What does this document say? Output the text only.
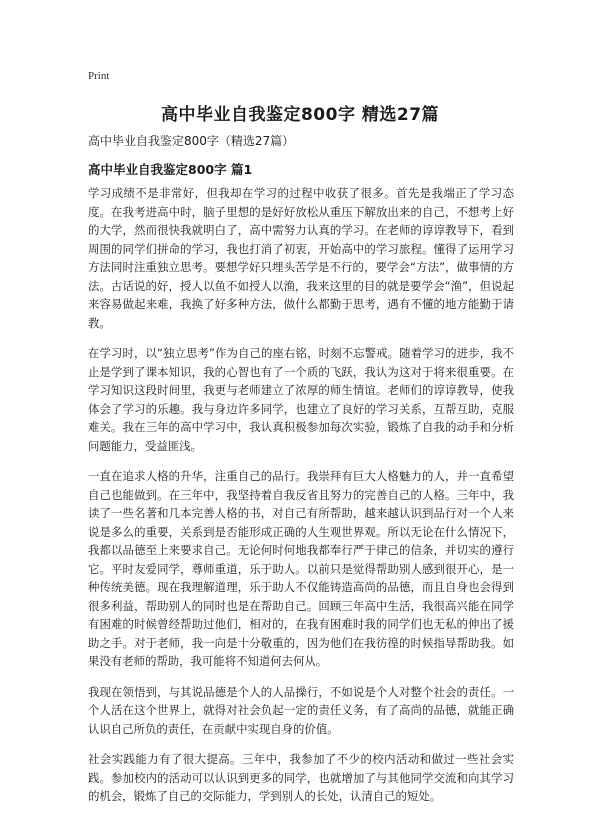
Print
高中毕业自我鉴定800字 精选27篇
高中毕业自我鉴定800字（精选27篇）
高中毕业自我鉴定800字 篇1

学习成绩不是非常好，但我却在学习的过程中收获了很多。首先是我端正了学习态度。在我考进高中时，脑子里想的是好好放松从重压下解放出来的自己，不想考上好的大学，然而很快我就明白了，高中需努力认真的学习。在老师的谆谆教导下，看到周围的同学们拼命的学习，我也打消了初衷，开始高中的学习旅程。懂得了运用学习方法同时注重独立思考。要想学好只埋头苦学是不行的，要学会“方法”，做事情的方法。古话说的好，授人以鱼不如授人以渔，我来这里的目的就是要学会“渔”，但说起来容易做起来难，我换了好多种方法，做什么都勤于思考，遇有不懂的地方能勤于请教。

在学习时，以“独立思考”作为自己的座右铭，时刻不忘警戒。随着学习的进步，我不止是学到了课本知识，我的心智也有了一个质的飞跃，我认为这对于将来很重要。在学习知识这段时间里，我更与老师建立了浓厚的师生情谊。老师们的谆谆教导，使我体会了学习的乐趣。我与身边许多同学，也建立了良好的学习关系，互帮互助，克服难关。我在三年的高中学习中，我认真积极参加每次实验，锻炼了自我的动手和分析问题能力，受益匪浅。

一直在追求人格的升华，注重自己的品行。我崇拜有巨大人格魅力的人，并一直希望自己也能做到。在三年中，我坚持着自我反省且努力的完善自己的人格。三年中，我读了一些名著和几本完善人格的书，对自己有所帮助，越来越认识到品行对一个人来说是多么的重要，关系到是否能形成正确的人生观世界观。所以无论在什么情况下，我都以品德至上来要求自己。无论何时何地我都奉行严于律己的信条，并切实的遵行它。平时友爱同学，尊师重道，乐于助人。以前只是觉得帮助别人感到很开心，是一种传统美德。现在我理解道理，乐于助人不仅能铸造高尚的品德，而且自身也会得到很多利益，帮助别人的同时也是在帮助自己。回顾三年高中生活，我很高兴能在同学有困难的时候曾经帮助过他们，相对的，在我有困难时我的同学们也无私的伸出了援助之手。对于老师，我一向是十分敬重的，因为他们在我彷徨的时候指导帮助我。如果没有老师的帮助，我可能将不知道何去何从。

我现在领悟到，与其说品德是个人的人品操行，不如说是个人对整个社会的责任。一个人活在这个世界上，就得对社会负起一定的责任义务，有了高尚的品德，就能正确认识自己所负的责任，在贡献中实现自身的价值。

社会实践能力有了很大提高。三年中，我参加了不少的校内活动和做过一些社会实践。参加校内的活动可以认识到更多的同学，也就增加了与其他同学交流和向其学习的机会，锻炼了自己的交际能力，学到别人的长处，认清自己的短处。
